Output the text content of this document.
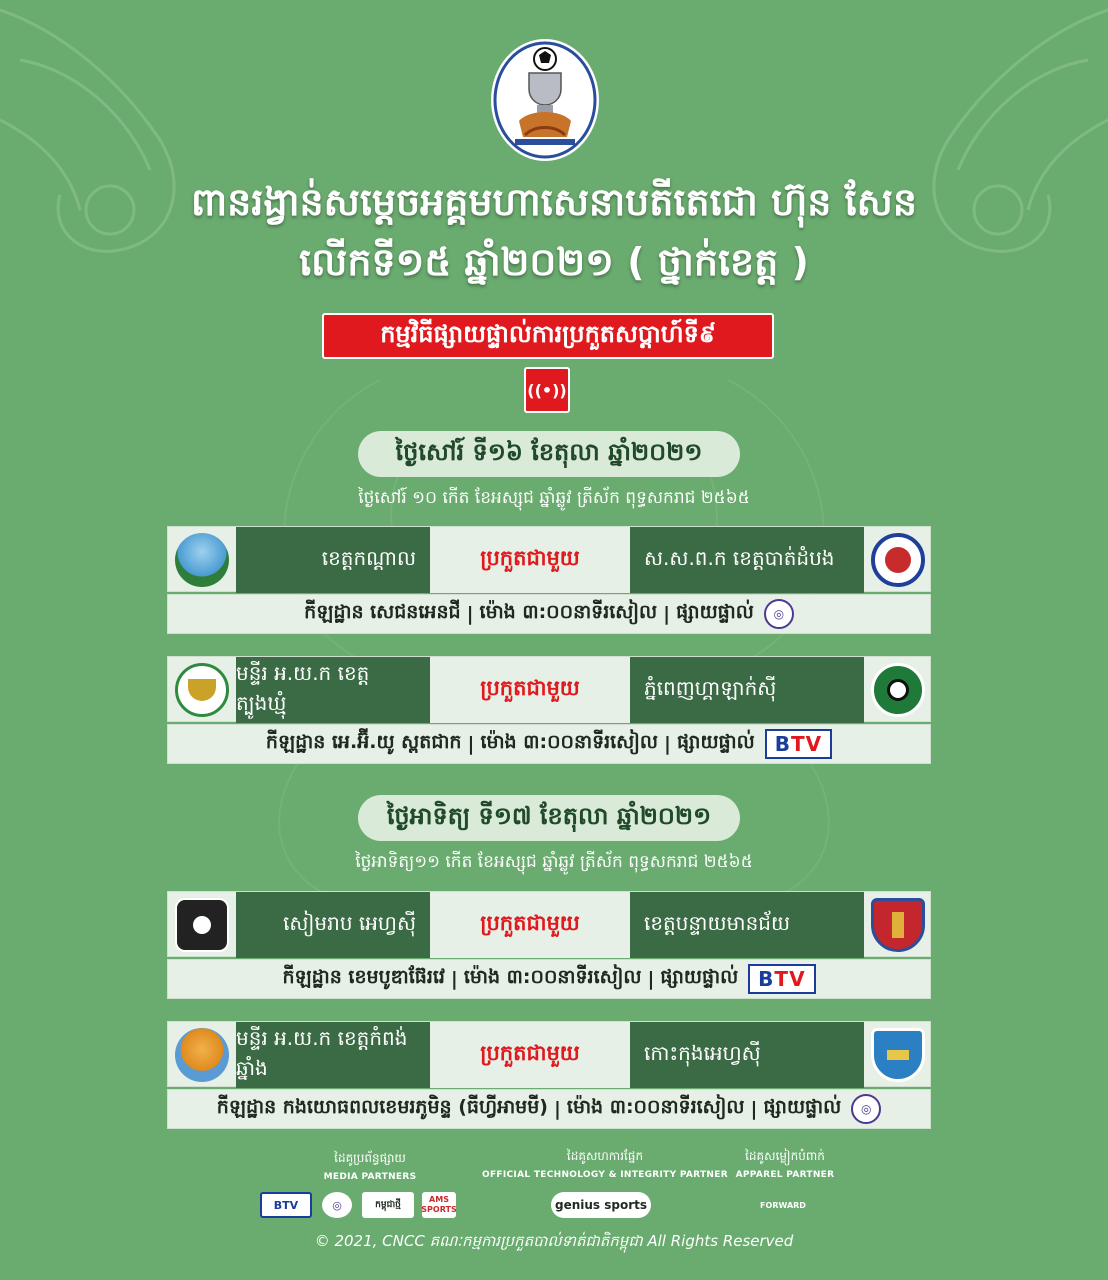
ពានរង្វាន់សម្តេចអគ្គមហាសេនាបតីតេជោ ហ៊ុន សែន
លើកទី១៥ ឆ្នាំ២០២១ ( ថ្នាក់ខេត្ត )
កម្មវិធីផ្សាយផ្ទាល់ការប្រកួតសប្តាហ៍ទី៩
((•))
ថ្ងៃសៅរ៍ ទី១៦ ខែតុលា ឆ្នាំ២០២១
ថ្ងៃសៅរ៍ ១០ កើត ខែអស្សុជ ឆ្នាំឆ្លូវ ត្រីស័ក ពុទ្ធសករាជ ២៥៦៥
ខេត្តកណ្តាល	ប្រកួតជាមួយ	ស.ស.ព.ក ខេត្តបាត់ដំបង
កីឡដ្ឋាន សេជនអេនជី | ម៉ោង ៣:០០នាទីរសៀល | ផ្សាយផ្ទាល់	◎
មន្ទីរ អ.យ.ក ខេត្តត្បូងឃ្មុំ
ប្រកួតជាមួយ	ភ្នំពេញហ្គាឡាក់ស៊ី
កីឡដ្ឋាន អេ.អ៊ី.យូ ស្ពតជាក | ម៉ោង ៣:០០នាទីរសៀល | ផ្សាយផ្ទាល់ B TV
ថ្ងៃអាទិត្យ ទី១៧ ខែតុលា ឆ្នាំ២០២១
ថ្ងៃអាទិត្យ១១ កើត ខែអស្សុជ ឆ្នាំឆ្លូវ ត្រីស័ក ពុទ្ធសករាជ ២៥៦៥
សៀមរាប អេហ្វស៊ី	ប្រកួតជាមួយ	ខេត្តបន្ទាយមានជ័យ
កីឡដ្ឋាន ខេមបូឌាផ៊ែរវេ | ម៉ោង ៣:០០នាទីរសៀល | ផ្សាយផ្ទាល់ B TV
មន្ទីរ អ.យ.ក ខេត្តកំពង់ឆ្នាំង
ប្រកួតជាមួយ	កោះកុងអេហ្វស៊ី
កីឡដ្ឋាន កងយោធពលខេមរភូមិន្ទ (ធីហ្វីអាមមី) | ម៉ោង ៣:០០នាទីរសៀល | ផ្សាយផ្ទាល់	◎
ដៃគូប្រព័ន្ធផ្សាយ
MEDIA PARTNERS
ដៃគូសហការផ្នែក
OFFICIAL TECHNOLOGY & INTEGRITY PARTNER
ដៃគូសម្លៀកបំពាក់
APPAREL PARTNER
BTV	◎	កម្ពុជាថ្មី	AMS SPORTS	genius sports	FORWARD
© 2021, CNCC គណៈកម្មការប្រកួតបាល់ទាត់ជាតិកម្ពុជា All Rights Reserved
